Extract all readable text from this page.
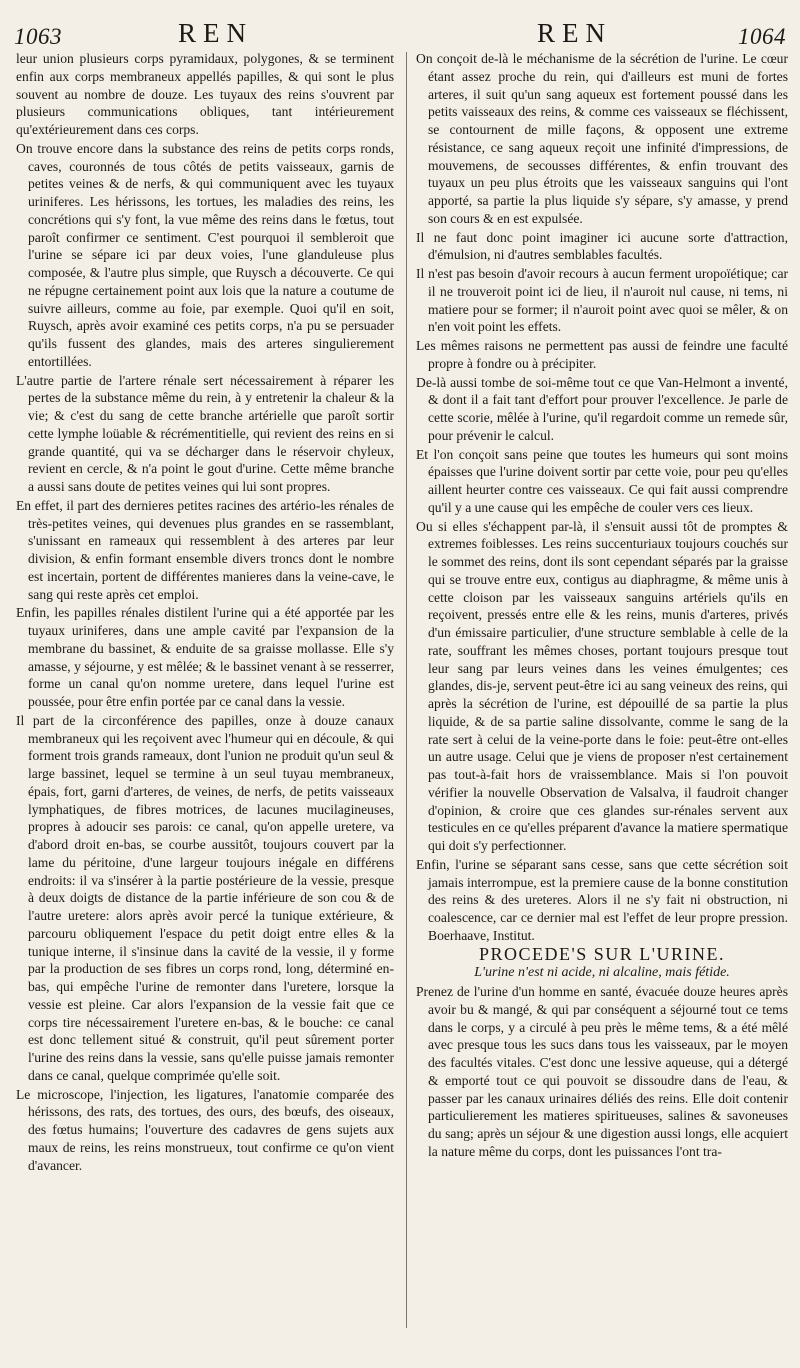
1063	REN	REN	1064

leur union plusieurs corps pyramidaux, polygones, & se terminent enfin aux corps membraneux appellés papilles, & qui sont le plus souvent au nombre de douze. Les tuyaux des reins s'ouvrent par plusieurs communications obliques, tant intérieurement qu'extérieurement dans ces corps.

On trouve encore dans la substance des reins de petits corps ronds, caves, couronnés de tous côtés de petits vaisseaux, garnis de petites veines & de nerfs, & qui communiquent avec les tuyaux uriniferes. Les hérissons, les tortues, les maladies des reins, les concrétions qui s'y font, la vue même des reins dans le fœtus, tout paroît confirmer ce sentiment. C'est pourquoi il sembleroit que l'urine se sépare ici par deux voies, l'une glanduleuse plus composée, & l'autre plus simple, que Ruysch a découverte. Ce qui ne répugne certainement point aux lois que la nature a coutume de suivre ailleurs, comme au foie, par exemple. Quoi qu'il en soit, Ruysch, après avoir examiné ces petits corps, n'a pu se persuader qu'ils fussent des glandes, mais des arteres singulierement entortillées.

L'autre partie de l'artere rénale sert nécessairement à réparer les pertes de la substance même du rein, à y entretenir la chaleur & la vie; & c'est du sang de cette branche artérielle que paroît sortir cette lymphe loüable & récrémentitielle, qui revient des reins en si grande quantité, qui va se décharger dans le réservoir chyleux, revient en cercle, & n'a point le gout d'urine. Cette même branche a aussi sans doute de petites veines qui lui sont propres.

En effet, il part des dernieres petites racines des artério-les rénales de très-petites veines, qui devenues plus grandes en se rassemblant, s'unissant en rameaux qui ressemblent à des arteres par leur division, & enfin formant ensemble divers troncs dont le nombre est incertain, portent de différentes manieres dans la veine-cave, le sang qui reste après cet emploi.

Enfin, les papilles rénales distilent l'urine qui a été apportée par les tuyaux uriniferes, dans une ample cavité par l'expansion de la membrane du bassinet, & enduite de sa graisse mollasse. Elle s'y amasse, y séjourne, y est mêlée; & le bassinet venant à se resserrer, forme un canal qu'on nomme uretere, dans lequel l'urine est poussée, pour être enfin portée par ce canal dans la vessie.

Il part de la circonférence des papilles, onze à douze canaux membraneux qui les reçoivent avec l'humeur qui en découle, & qui forment trois grands rameaux, dont l'union ne produit qu'un seul & large bassinet, lequel se termine à un seul tuyau membraneux, épais, fort, garni d'arteres, de veines, de nerfs, de petits vaisseaux lymphatiques, de fibres motrices, de lacunes mucilagineuses, propres à adoucir ses parois: ce canal, qu'on appelle uretere, va d'abord droit en-bas, se courbe aussitôt, toujours couvert par la lame du péritoine, d'une largeur toujours inégale en différens endroits: il va s'insérer à la partie postérieure de la vessie, presque à deux doigts de distance de la partie inférieure de son cou & de l'autre uretere: alors après avoir percé la tunique extérieure, & parcouru obliquement l'espace du petit doigt entre elles & la tunique interne, il s'insinue dans la cavité de la vessie, il y forme par la production de ses fibres un corps rond, long, déterminé en-bas, qui empêche l'urine de remonter dans l'uretere, lorsque la vessie est pleine. Car alors l'expansion de la vessie fait que ce corps tire nécessairement l'uretere en-bas, & le bouche: ce canal est donc tellement situé & construit, qu'il peut sûrement porter l'urine des reins dans la vessie, sans qu'elle puisse jamais remonter dans ce canal, quelque comprimée qu'elle soit.

Le microscope, l'injection, les ligatures, l'anatomie comparée des hérissons, des rats, des tortues, des ours, des bœufs, des oiseaux, des fœtus humains; l'ouverture des cadavres de gens sujets aux maux de reins, les reins monstrueux, tout confirme ce qu'on vient d'avancer.

On conçoit de-là le méchanisme de la sécrétion de l'urine. Le cœur étant assez proche du rein, qui d'ailleurs est muni de fortes arteres, il suit qu'un sang aqueux est fortement poussé dans les petits vaisseaux des reins, & comme ces vaisseaux se fléchissent, se contournent de mille façons, & opposent une extreme résistance, ce sang aqueux reçoit une infinité d'impressions, de mouvemens, de secousses différentes, & enfin trouvant des tuyaux un peu plus étroits que les vaisseaux sanguins qui l'ont apporté, sa partie la plus liquide s'y sépare, s'y amasse, y prend son cours & en est expulsée.

Il ne faut donc point imaginer ici aucune sorte d'attraction, d'émulsion, ni d'autres semblables facultés.

Il n'est pas besoin d'avoir recours à aucun ferment uropoïétique; car il ne trouveroit point ici de lieu, il n'auroit nul cause, ni tems, ni matiere pour se former; il n'auroit point avec quoi se mêler, & on n'en voit point les effets.

Les mêmes raisons ne permettent pas aussi de feindre une faculté propre à fondre ou à précipiter.

De-là aussi tombe de soi-même tout ce que Van-Helmont a inventé, & dont il a fait tant d'effort pour prouver l'excellence. Je parle de cette scorie, mêlée à l'urine, qu'il regardoit comme un remede sûr, pour prévenir le calcul.

Et l'on conçoit sans peine que toutes les humeurs qui sont moins épaisses que l'urine doivent sortir par cette voie, pour peu qu'elles aillent heurter contre ces vaisseaux. Ce qui fait aussi comprendre qu'il y a une cause qui les empêche de couler vers ces lieux.

Ou si elles s'échappent par-là, il s'ensuit aussi tôt de promptes & extremes foiblesses. Les reins succenturiaux toujours couchés sur le sommet des reins, dont ils sont cependant séparés par la graisse qui se trouve entre eux, contigus au diaphragme, & même unis à cette cloison par les vaisseaux sanguins artériels qu'ils en reçoivent, pressés entre elle & les reins, munis d'arteres, privés d'un émissaire particulier, d'une structure semblable à celle de la rate, souffrant les mêmes choses, portant toujours presque tout leur sang par leurs veines dans les veines émulgentes; ces glandes, dis-je, servent peut-être ici au sang veineux des reins, qui après la sécrétion de l'urine, est dépouillé de sa partie la plus liquide, & de sa partie saline dissolvante, comme le sang de la rate sert à celui de la veine-porte dans le foie: peut-être ont-elles un autre usage. Celui que je viens de proposer n'est certainement pas tout-à-fait hors de vraissemblance. Mais si l'on pouvoit vérifier la nouvelle Observation de Valsalva, il faudroit changer d'opinion, & croire que ces glandes sur-rénales servent aux testicules en ce qu'elles préparent d'avance la matiere spermatique qui doit s'y perfectionner.

Enfin, l'urine se séparant sans cesse, sans que cette sécrétion soit jamais interrompue, est la premiere cause de la bonne constitution des reins & des ureteres. Alors il ne s'y fait ni obstruction, ni coalescence, car ce dernier mal est l'effet de leur propre pression. Boerhaave, Institut.

PROCEDE'S SUR L'URINE.

L'urine n'est ni acide, ni alcaline, mais fétide.

Prenez de l'urine d'un homme en santé, évacuée douze heures après avoir bu & mangé, & qui par conséquent a séjourné tout ce tems dans le corps, y a circulé à peu près le même tems, & a été mêlé avec presque tous les sucs dans tous les vaisseaux, par le moyen des facultés vitales. C'est donc une lessive aqueuse, qui a détergé & emporté tout ce qui pouvoit se dissoudre dans de l'eau, & passer par les canaux urinaires déliés des reins. Elle doit contenir particulierement les matieres spiritueuses, salines & savoneuses du sang; après un séjour & une digestion aussi longs, elle acquiert la nature même du corps, dont les puissances l'ont tra-
